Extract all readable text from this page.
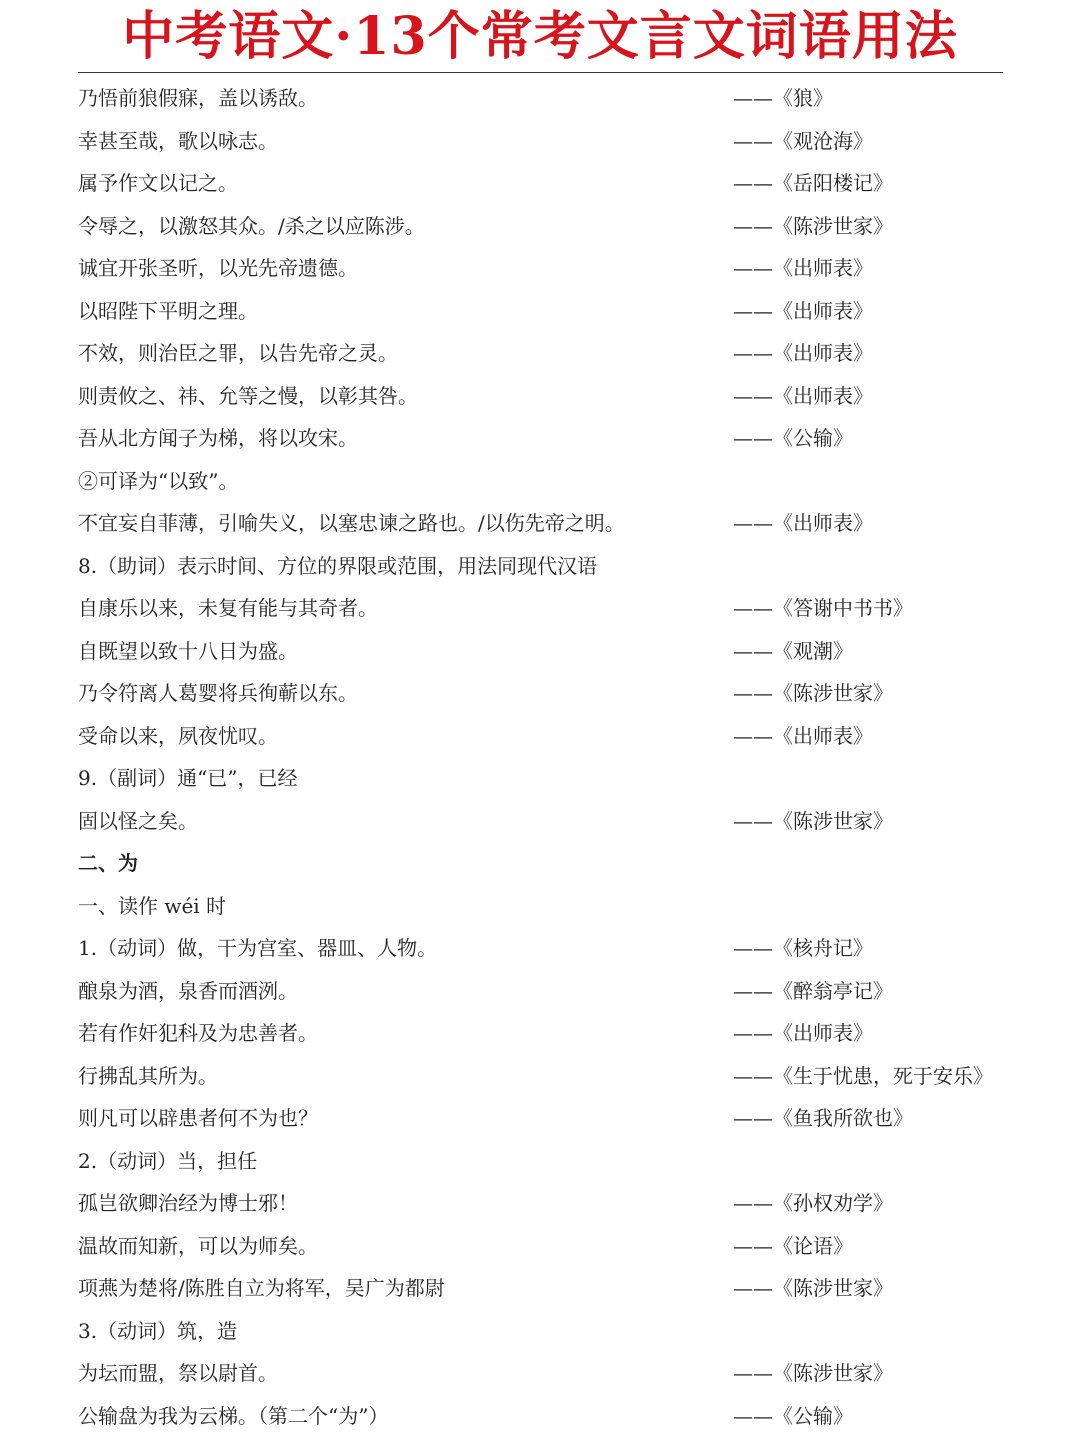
中考语文·13个常考文言文词语用法
乃悟前狼假寐，盖以诱敌。	——《狼》
幸甚至哉，歌以咏志。	——《观沧海》
属予作文以记之。	——《岳阳楼记》
令辱之，以激怒其众。/杀之以应陈涉。	——《陈涉世家》
诚宜开张圣听，以光先帝遗德。	——《出师表》
以昭陛下平明之理。	——《出师表》
不效，则治臣之罪，以告先帝之灵。	——《出师表》
则责攸之、祎、允等之慢，以彰其咎。	——《出师表》
吾从北方闻子为梯，将以攻宋。	——《公输》
②可译为“以致”。
不宜妄自菲薄，引喻失义，以塞忠谏之路也。/以伤先帝之明。	——《出师表》
8.（助词）表示时间、方位的界限或范围，用法同现代汉语
自康乐以来，未复有能与其奇者。	——《答谢中书书》
自既望以致十八日为盛。	——《观潮》
乃令符离人葛婴将兵徇蕲以东。	——《陈涉世家》
受命以来，夙夜忧叹。	——《出师表》
9.（副词）通“已”，已经
固以怪之矣。	——《陈涉世家》
二、为
一、读作 wéi 时
1.（动词）做，干为宫室、器皿、人物。	——《核舟记》
酿泉为酒，泉香而酒洌。	——《醉翁亭记》
若有作奸犯科及为忠善者。	——《出师表》
行拂乱其所为。	——《生于忧患，死于安乐》
则凡可以辟患者何不为也？	——《鱼我所欲也》
2.（动词）当，担任
孤岂欲卿治经为博士邪！	——《孙权劝学》
温故而知新，可以为师矣。	——《论语》
项燕为楚将/陈胜自立为将军，吴广为都尉	——《陈涉世家》
3.（动词）筑，造
为坛而盟，祭以尉首。	——《陈涉世家》
公输盘为我为云梯。（第二个“为”）	——《公输》
